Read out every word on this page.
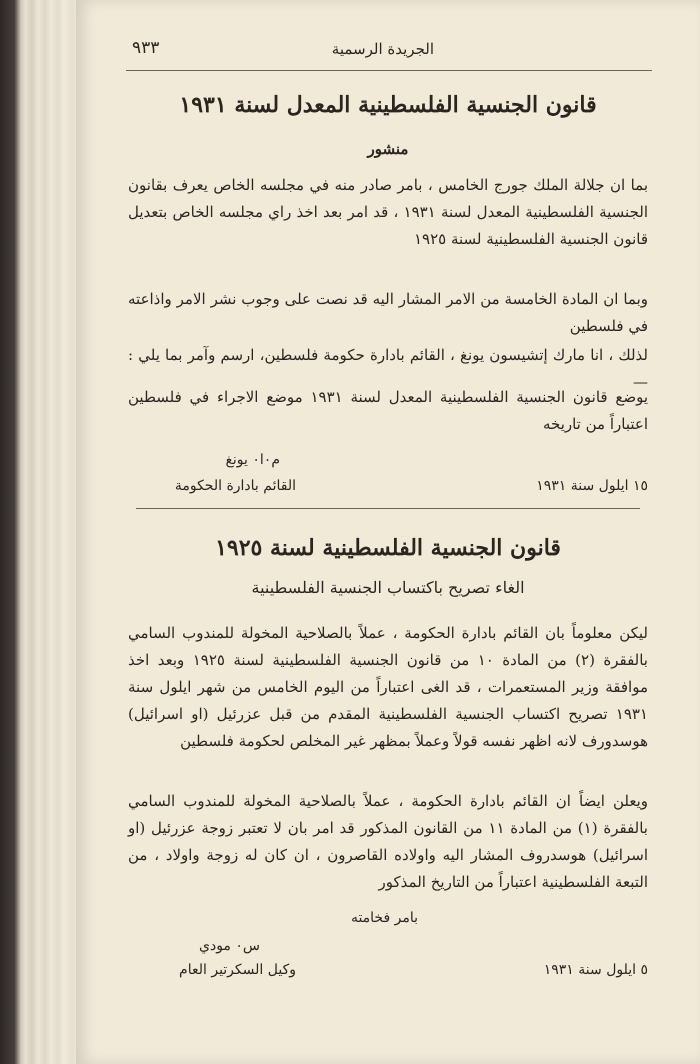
الجريدة الرسمية
٩٣٣
قانون الجنسية الفلسطينية المعدل لسنة ١٩٣١
منشور
بما ان جلالة الملك جورج الخامس ، بامر صادر منه في مجلسه الخاص يعرف بقانون الجنسية الفلسطينية المعدل لسنة ١٩٣١ ، قد امر بعد اخذ راي مجلسه الخاص بتعديل قانون الجنسية الفلسطينية لسنة ١٩٢٥
وبما ان المادة الخامسة من الامر المشار اليه قد نصت على وجوب نشر الامر واذاعته في فلسطين
لذلك ، انا مارك إتشيسون يونغ ، القائم بادارة حكومة فلسطين، ارسم وآمر بما يلي :—
يوضع قانون الجنسية الفلسطينية المعدل لسنة ١٩٣١ موضع الاجراء في فلسطين اعتباراً من تاريخه
م٠ا٠ يونغ
القائم بادارة الحكومة	١٥ ايلول سنة ١٩٣١
قانون الجنسية الفلسطينية لسنة ١٩٢٥
الغاء تصريح باكتساب الجنسية الفلسطينية
ليكن معلوماً بان القائم بادارة الحكومة ، عملاً بالصلاحية المخولة للمندوب السامي بالفقرة (٢) من المادة ١٠ من قانون الجنسية الفلسطينية لسنة ١٩٢٥ وبعد اخذ موافقة وزير المستعمرات ، قد الغى اعتباراً من اليوم الخامس من شهر ايلول سنة ١٩٣١ تصريح اكتساب الجنسية الفلسطينية المقدم من قبل عزرئيل (او اسرائيل) هوسدورف لانه اظهر نفسه قولاً وعملاً بمظهر غير المخلص لحكومة فلسطين
ويعلن ايضاً ان القائم بادارة الحكومة ، عملاً بالصلاحية المخولة للمندوب السامي بالفقرة (١) من المادة ١١ من القانون المذكور قد امر بان لا تعتبر زوجة عزرئيل (او اسرائيل) هوسدروف المشار اليه واولاده القاصرون ، ان كان له زوجة واولاد ، من التبعة الفلسطينية اعتباراً من التاريخ المذكور
بامر فخامته
س٠ مودي
وكيل السكرتير العام	٥ ايلول سنة ١٩٣١
